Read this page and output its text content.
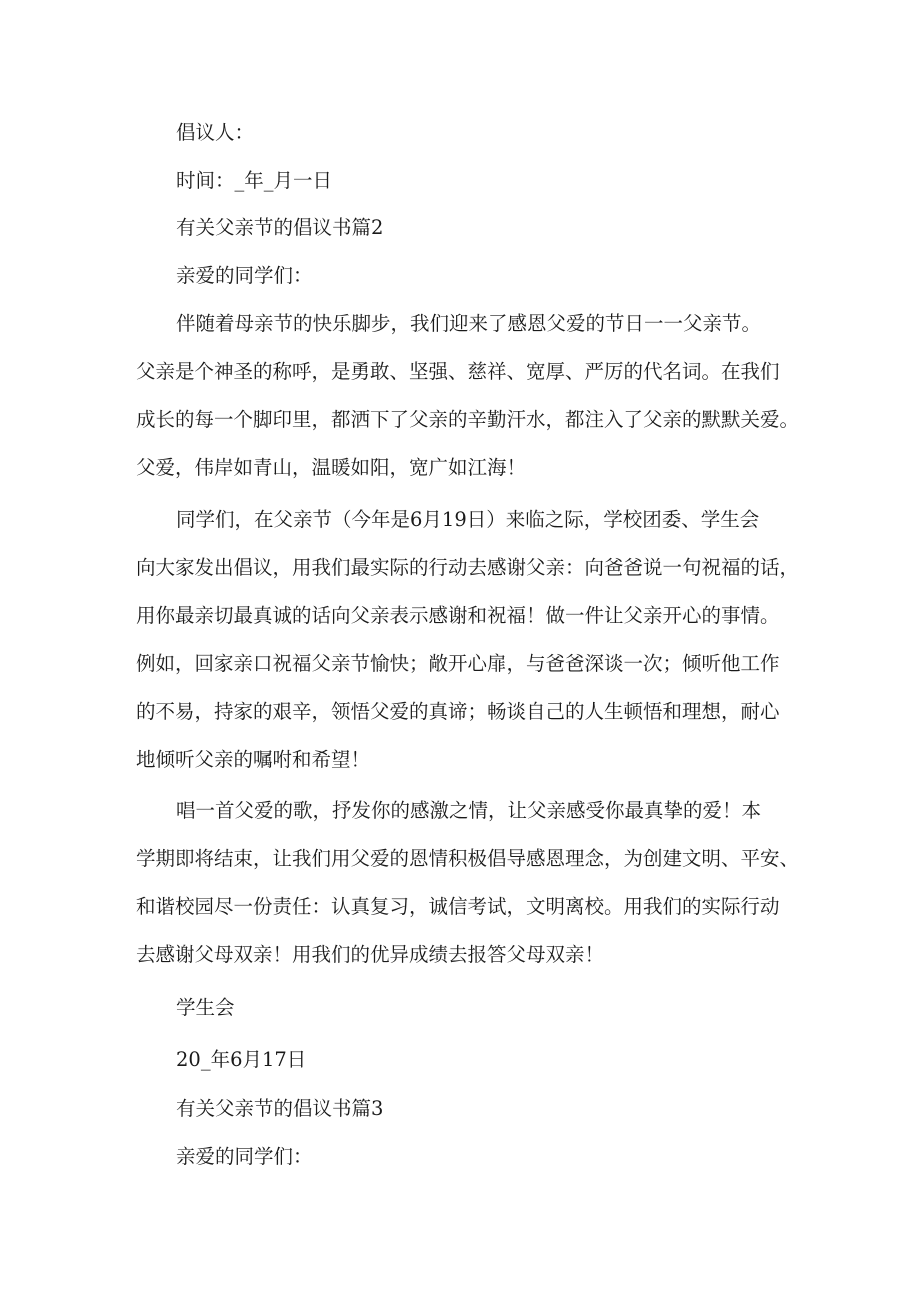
倡议人：
时间：_年_月一日
有关父亲节的倡议书篇2
亲爱的同学们：
伴随着母亲节的快乐脚步，我们迎来了感恩父爱的节日一一父亲节。
父亲是个神圣的称呼，是勇敢、坚强、慈祥、宽厚、严厉的代名词。在我们
成长的每一个脚印里，都洒下了父亲的辛勤汗水，都注入了父亲的默默关爱。
父爱，伟岸如青山，温暖如阳，宽广如江海！
同学们，在父亲节（今年是6月19日）来临之际，学校团委、学生会
向大家发出倡议，用我们最实际的行动去感谢父亲：向爸爸说一句祝福的话，
用你最亲切最真诚的话向父亲表示感谢和祝福！做一件让父亲开心的事情。
例如，回家亲口祝福父亲节愉快；敞开心扉，与爸爸深谈一次；倾听他工作
的不易，持家的艰辛，领悟父爱的真谛；畅谈自己的人生顿悟和理想，耐心
地倾听父亲的嘱咐和希望！
唱一首父爱的歌，抒发你的感激之情，让父亲感受你最真挚的爱！本
学期即将结束，让我们用父爱的恩情积极倡导感恩理念，为创建文明、平安、
和谐校园尽一份责任：认真复习，诚信考试，文明离校。用我们的实际行动
去感谢父母双亲！用我们的优异成绩去报答父母双亲！
学生会
20_年6月17日
有关父亲节的倡议书篇3
亲爱的同学们：
